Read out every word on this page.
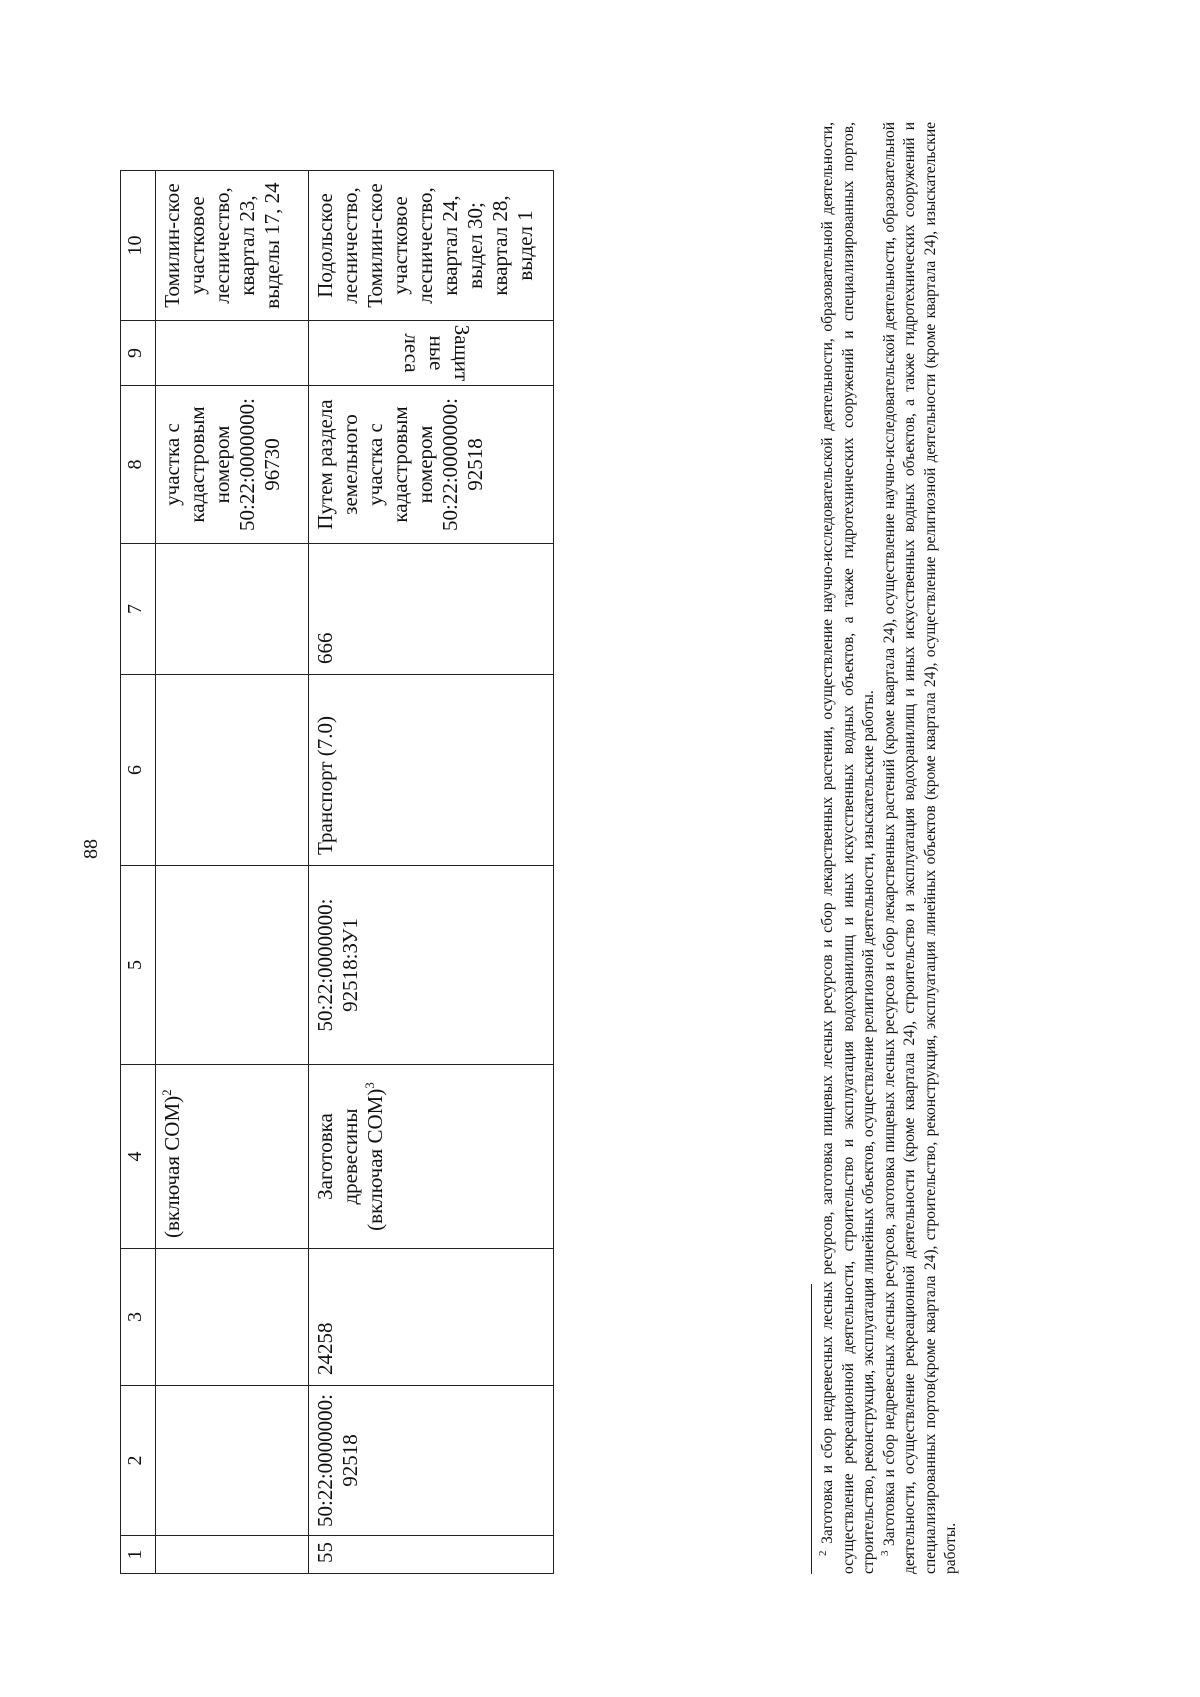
88
1	2	3	4	5	6	7	8	9	10
			(включая СОМ)$^2$				участка с кадастровым номером 50:22:0000000: 96730		Томилин-ское участковое лесничество, квартал 23, выделы 17, 24
55	50:22:0000000: 92518	24258	Заготовка древесины (включая СОМ)$^3$	50:22:0000000: 92518:ЗУ1	Транспорт (7.0)	666	Путем раздела земельного участка с кадастровым номером 50:22:0000000: 92518	Защитные леса	Подольское лесничество, Томилин-ское участковое лесничество, квартал 24, выдел 30; квартал 28, выдел 1

$^2$ Заготовка и сбор недревесных лесных ресурсов, заготовка пищевых лесных ресурсов и сбор лекарственных растении, осуществление научно-исследовательской деятельности, образовательной деятельности, осуществление рекреационной деятельности, строительство и эксплуатация водохранилищ и иных искусственных водных объектов, а также гидротехнических сооружений и специализированных портов, строительство, реконструкция, эксплуатация линейных объектов, осуществление религиозной деятельности, изыскательские работы. $^3$ Заготовка и сбор недревесных лесных ресурсов, заготовка пищевых лесных ресурсов и сбор лекарственных растений (кроме квартала 24), осуществление научно-исследовательской деятельности, образовательной деятельности, осуществление рекреационной деятельности (кроме квартала 24), строительство и эксплуатация водохранилищ и иных искусственных водных объектов, а также гидротехнических сооружений и специализированных портов(кроме квартала 24), строительство, реконструкция, эксплуатация линейных объектов (кроме квартала 24), осуществление религиозной деятельности (кроме квартала 24), изыскательские работы.
